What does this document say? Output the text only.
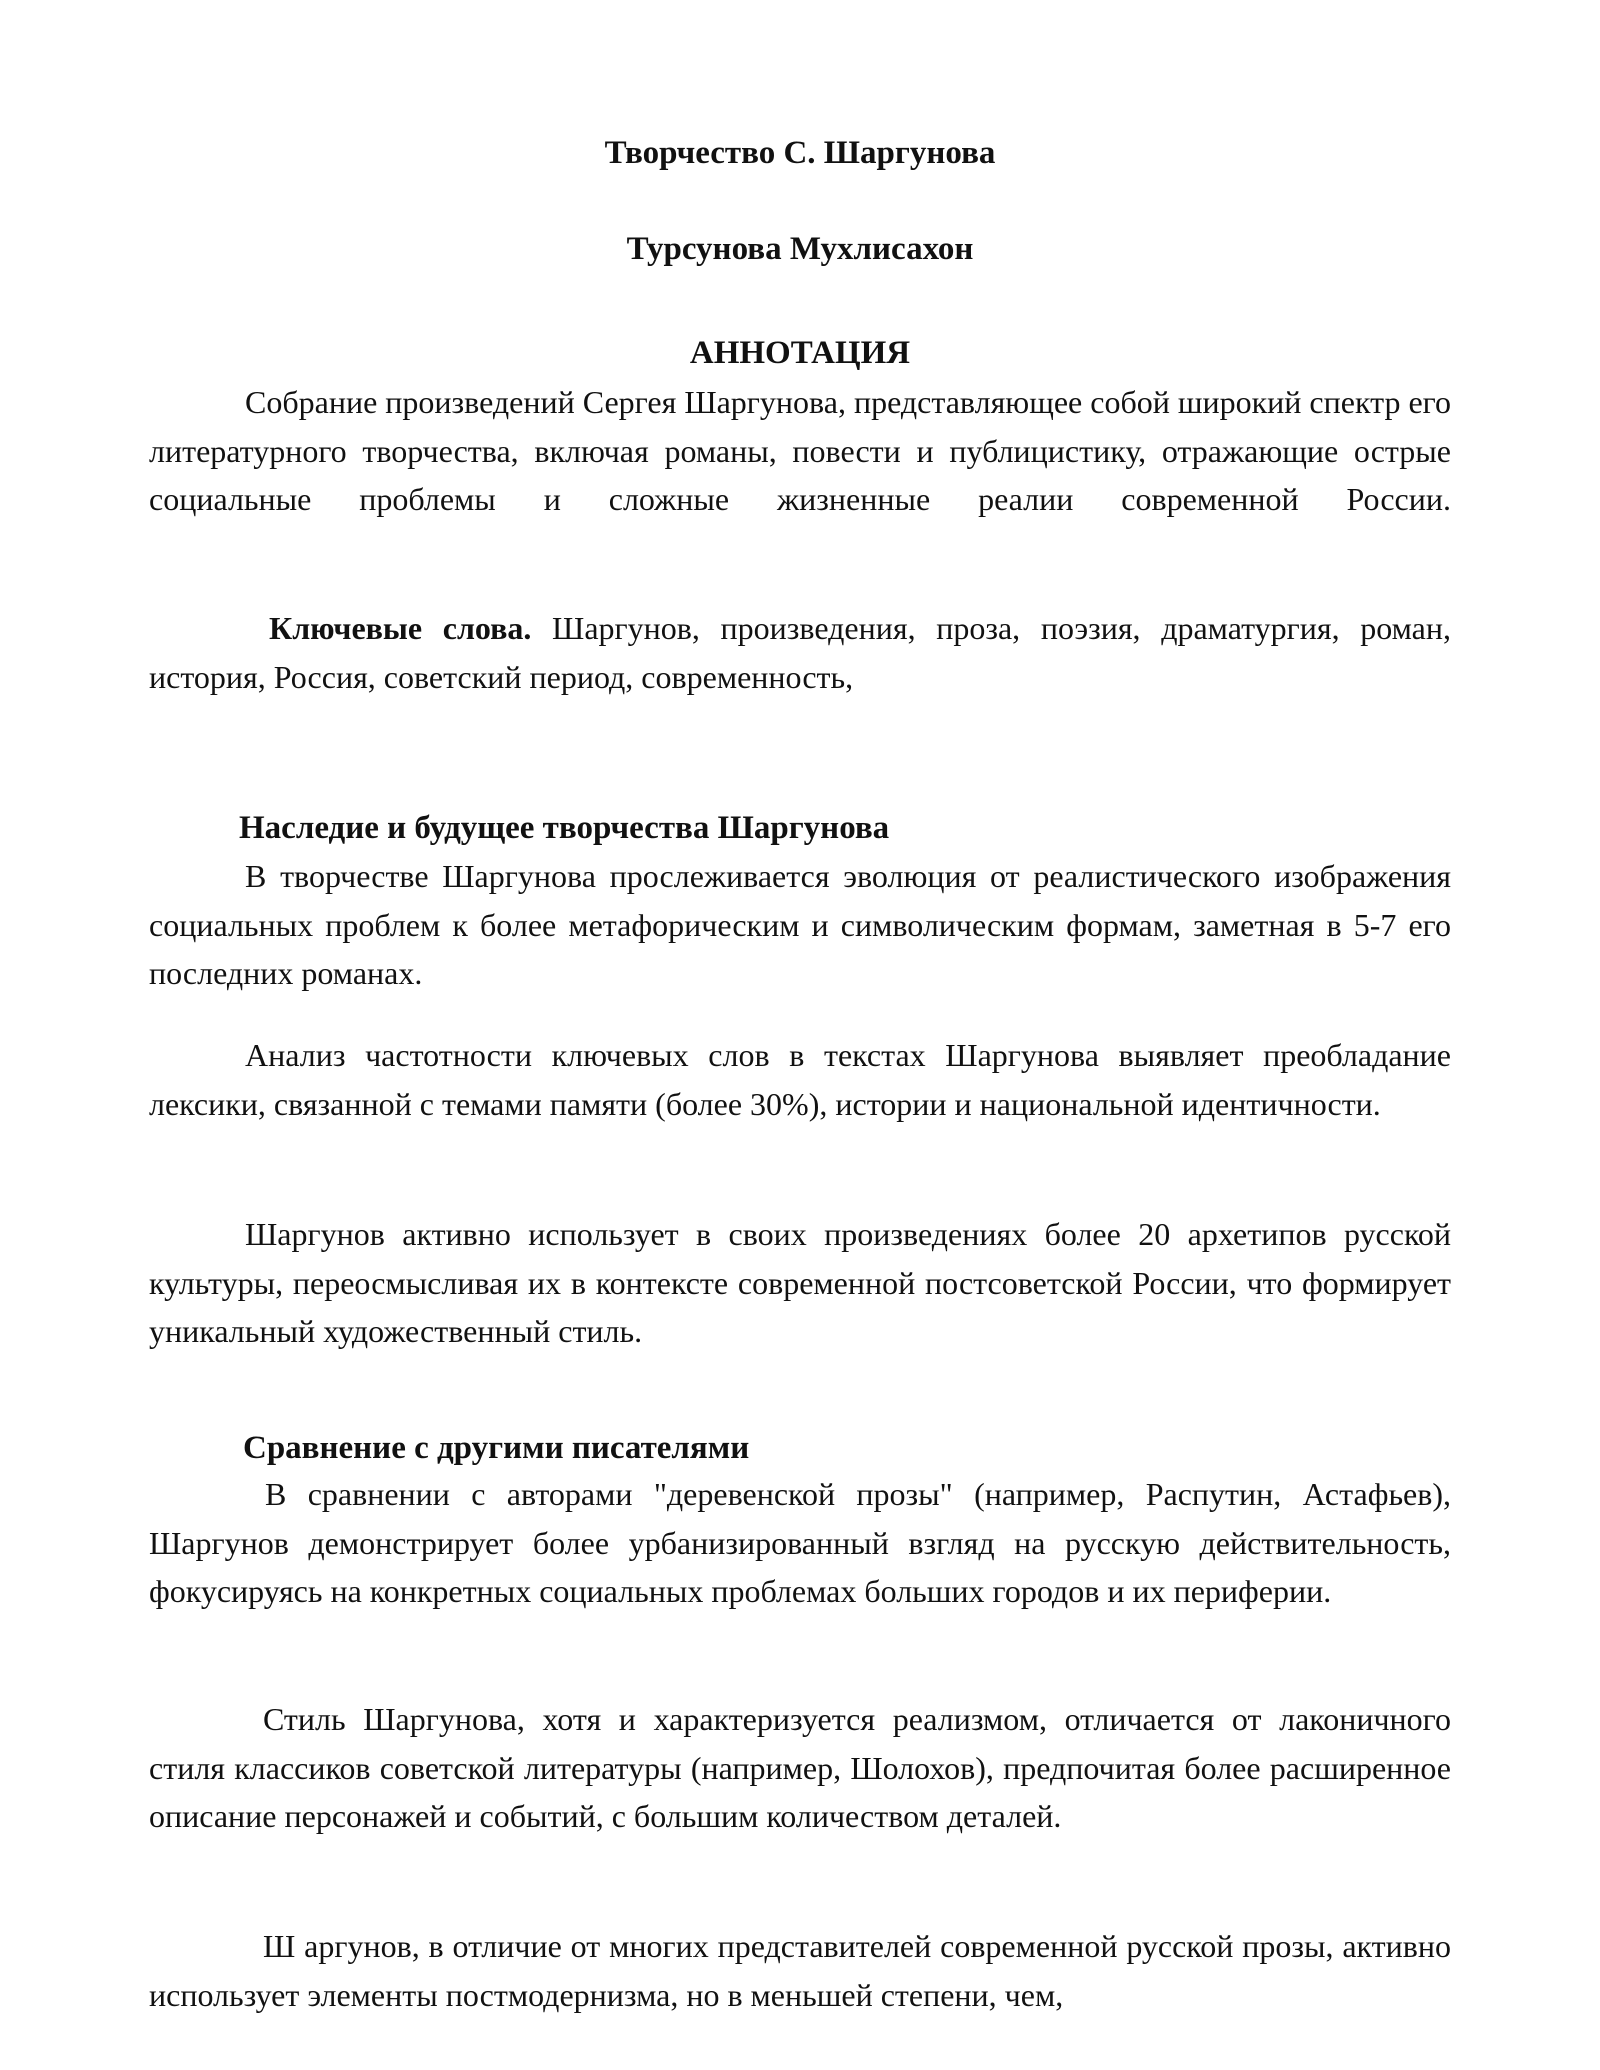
Творчество С. Шаргунова
Турсунова Мухлисахон
АННОТАЦИЯ

Собрание произведений Сергея Шаргунова, представляющее собой широкий спектр его литературного творчества, включая романы, повести и публицистику, отражающие острые социальные проблемы и сложные жизненные реалии современной России.

Ключевые слова. Шаргунов, произведения, проза, поэзия, драматургия, роман, история, Россия, советский период, современность,

Наследие и будущее творчества Шаргунова

В творчестве Шаргунова прослеживается эволюция от реалистического изображения социальных проблем к более метафорическим и символическим формам, заметная в 5-7 его последних романах.

Анализ частотности ключевых слов в текстах Шаргунова выявляет преобладание лексики, связанной с темами памяти (более 30%), истории и национальной идентичности.

Шаргунов активно использует в своих произведениях более 20 архетипов русской культуры, переосмысливая их в контексте современной постсоветской России, что формирует уникальный художественный стиль.

Сравнение с другими писателями

В сравнении с авторами "деревенской прозы" (например, Распутин, Астафьев), Шаргунов демонстрирует более урбанизированный взгляд на русскую действительность, фокусируясь на конкретных социальных проблемах больших городов и их периферии.

Стиль Шаргунова, хотя и характеризуется реализмом, отличается от лаконичного стиля классиков советской литературы (например, Шолохов), предпочитая более расширенное описание персонажей и событий, с большим количеством деталей.

Ш аргунов, в отличие от многих представителей современной русской прозы, активно использует элементы постмодернизма, но в меньшей степени, чем,
